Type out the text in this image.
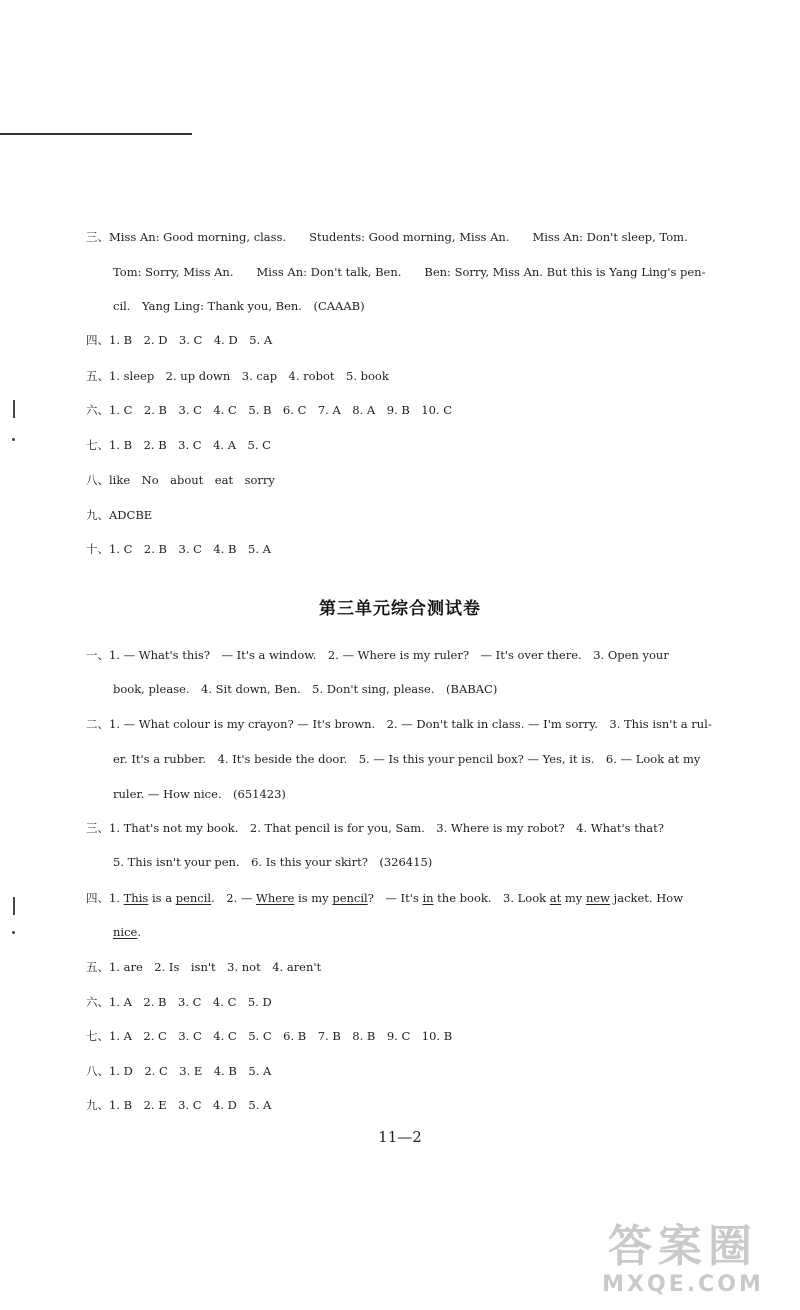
三、Miss An: Good morning, class.　　Students: Good morning, Miss An.　　Miss An: Don't sleep, Tom.
Tom: Sorry, Miss An.　　Miss An: Don't talk, Ben.　　Ben: Sorry, Miss An. But this is Yang Ling's pen-
cil.　Yang Ling: Thank you, Ben.　(CAAAB)
四、1. B　2. D　3. C　4. D　5. A
五、1. sleep　2. up down　3. cap　4. robot　5. book
六、1. C　2. B　3. C　4. C　5. B　6. C　7. A　8. A　9. B　10. C
七、1. B　2. B　3. C　4. A　5. C
八、like　No　about　eat　sorry
九、ADCBE
十、1. C　2. B　3. C　4. B　5. A
第三单元综合测试卷
一、1. — What's this?　— It's a window.　2. — Where is my ruler?　— It's over there.　3. Open your
book, please.　4. Sit down, Ben.　5. Don't sing, please.　(BABAC)
二、1. — What colour is my crayon? — It's brown.　2. — Don't talk in class. — I'm sorry.　3. This isn't a rul-
er. It's a rubber.　4. It's beside the door.　5. — Is this your pencil box? — Yes, it is.　6. — Look at my
ruler. — How nice.　(651423)
三、1. That's not my book.　2. That pencil is for you, Sam.　3. Where is my robot?　4. What's that?
5. This isn't your pen.　6. Is this your skirt?　(326415)
四、1. This is a pencil.　2. — Where is my pencil?　— It's in the book.　3. Look at my new jacket. How
nice.
五、1. are　2. Is　isn't　3. not　4. aren't
六、1. A　2. B　3. C　4. C　5. D
七、1. A　2. C　3. C　4. C　5. C　6. B　7. B　8. B　9. C　10. B
八、1. D　2. C　3. E　4. B　5. A
九、1. B　2. E　3. C　4. D　5. A
11—2
答案圈
MXQE.COM
